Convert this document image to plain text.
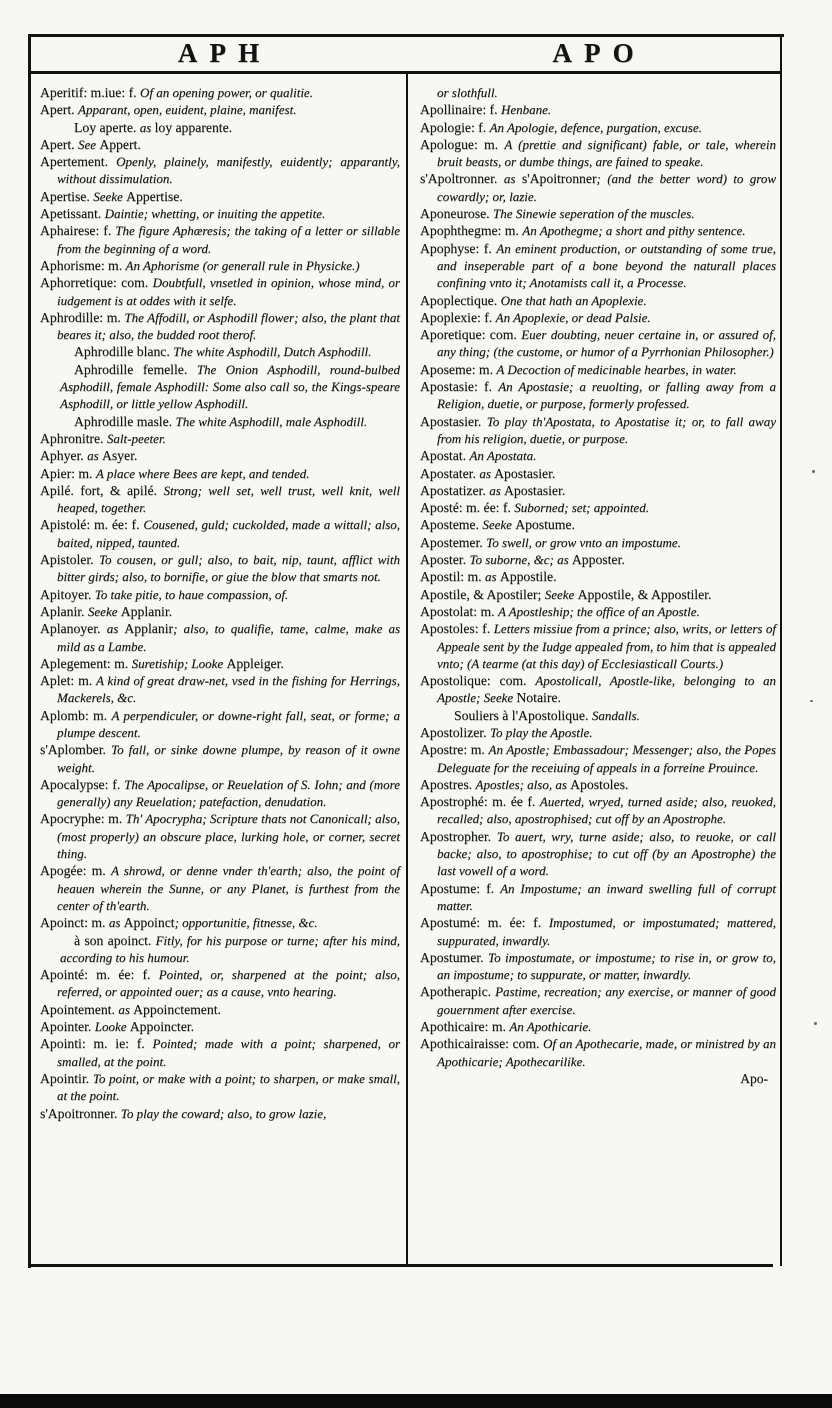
APH	APO

Aperitif: m.iue: f. Of an opening power, or qualitie.

Apert. Apparant, open, euident, plaine, manifest.

Loy aperte. as loy apparente.

Apert. See Appert.

Apertement. Openly, plainely, manifestly, euidently; apparantly, without dissimulation.

Apertise. Seeke Appertise.

Apetissant. Daintie; whetting, or inuiting the appetite.

Aphairese: f. The figure Aphæresis; the taking of a letter or sillable from the beginning of a word.

Aphorisme: m. An Aphorisme (or generall rule in Physicke.)

Aphorretique: com. Doubtfull, vnsetled in opinion, whose mind, or iudgement is at oddes with it selfe.

Aphrodille: m. The Affodill, or Asphodill flower; also, the plant that beares it; also, the budded root therof.

Aphrodille blanc. The white Asphodill, Dutch Asphodill.

Aphrodille femelle. The Onion Asphodill, round-bulbed Asphodill, female Asphodill: Some also call so, the Kings-speare Asphodill, or little yellow Asphodill.

Aphrodille masle. The white Asphodill, male Asphodill.

Aphronitre. Salt-peeter.

Aphyer. as Asyer.

Apier: m. A place where Bees are kept, and tended.

Apilé. fort, & apilé. Strong; well set, well trust, well knit, well heaped, together.

Apistolé: m. ée: f. Cousened, guld; cuckolded, made a wittall; also, baited, nipped, taunted.

Apistoler. To cousen, or gull; also, to bait, nip, taunt, afflict with bitter girds; also, to bornifie, or giue the blow that smarts not.

Apitoyer. To take pitie, to haue compassion, of.

Aplanir. Seeke Applanir.

Aplanoyer. as Applanir; also, to qualifie, tame, calme, make as mild as a Lambe.

Aplegement: m. Suretiship; Looke Appleiger.

Aplet: m. A kind of great draw-net, vsed in the fishing for Herrings, Mackerels, &c.

Aplomb: m. A perpendiculer, or downe-right fall, seat, or forme; a plumpe descent.

s'Aplomber. To fall, or sinke downe plumpe, by reason of it owne weight.

Apocalypse: f. The Apocalipse, or Reuelation of S. Iohn; and (more generally) any Reuelation; patefaction, denudation.

Apocryphe: m. Th' Apocrypha; Scripture thats not Canonicall; also, (most properly) an obscure place, lurking hole, or corner, secret thing.

Apogée: m. A shrowd, or denne vnder th'earth; also, the point of heauen wherein the Sunne, or any Planet, is furthest from the center of th'earth.

Apoinct: m. as Appoinct; opportunitie, fitnesse, &c.

à son apoinct. Fitly, for his purpose or turne; after his mind, according to his humour.

Apointé: m. ée: f. Pointed, or, sharpened at the point; also, referred, or appointed ouer; as a cause, vnto hearing.

Apointement. as Appoinctement.

Apointer. Looke Appoincter.

Apointi: m. ie: f. Pointed; made with a point; sharpened, or smalled, at the point.

Apointir. To point, or make with a point; to sharpen, or make small, at the point.

s'Apoitronner. To play the coward; also, to grow lazie,

or slothfull.

Apollinaire: f. Henbane.

Apologie: f. An Apologie, defence, purgation, excuse.

Apologue: m. A (prettie and significant) fable, or tale, wherein bruit beasts, or dumbe things, are fained to speake.

s'Apoltronner. as s'Apoitronner; (and the better word) to grow cowardly; or, lazie.

Aponeurose. The Sinewie seperation of the muscles.

Apophthegme: m. An Apothegme; a short and pithy sentence.

Apophyse: f. An eminent production, or outstanding of some true, and inseperable part of a bone beyond the naturall places confining vnto it; Anotamists call it, a Processe.

Apoplectique. One that hath an Apoplexie.

Apoplexie: f. An Apoplexie, or dead Palsie.

Aporetique: com. Euer doubting, neuer certaine in, or assured of, any thing; (the custome, or humor of a Pyrrhonian Philosopher.)

Aposeme: m. A Decoction of medicinable hearbes, in water.

Apostasie: f. An Apostasie; a reuolting, or falling away from a Religion, duetie, or purpose, formerly professed.

Apostasier. To play th'Apostata, to Apostatise it; or, to fall away from his religion, duetie, or purpose.

Apostat. An Apostata.

Apostater. as Apostasier.

Apostatizer. as Apostasier.

Aposté: m. ée: f. Suborned; set; appointed.

Aposteme. Seeke Apostume.

Apostemer. To swell, or grow vnto an impostume.

Aposter. To suborne, &c; as Apposter.

Apostil: m. as Appostile.

Apostile, & Apostiler; Seeke Appostile, & Appostiler.

Apostolat: m. A Apostleship; the office of an Apostle.

Apostoles: f. Letters missiue from a prince; also, writs, or letters of Appeale sent by the Iudge appealed from, to him that is appealed vnto; (A tearme (at this day) of Ecclesiasticall Courts.)

Apostolique: com. Apostolicall, Apostle-like, belonging to an Apostle; Seeke Notaire.

Souliers à l'Apostolique. Sandalls.

Apostolizer. To play the Apostle.

Apostre: m. An Apostle; Embassadour; Messenger; also, the Popes Deleguate for the receiuing of appeals in a forreine Prouince.

Apostres. Apostles; also, as Apostoles.

Apostrophé: m. ée f. Auerted, wryed, turned aside; also, reuoked, recalled; also, apostrophised; cut off by an Apostrophe.

Apostropher. To auert, wry, turne aside; also, to reuoke, or call backe; also, to apostrophise; to cut off (by an Apostrophe) the last vowell of a word.

Apostume: f. An Impostume; an inward swelling full of corrupt matter.

Apostumé: m. ée: f. Impostumed, or impostumated; mattered, suppurated, inwardly.

Apostumer. To impostumate, or impostume; to rise in, or grow to, an impostume; to suppurate, or matter, inwardly.

Apotherapic. Pastime, recreation; any exercise, or manner of good gouernment after exercise.

Apothicaire: m. An Apothicarie.

Apothicairaisse: com. Of an Apothecarie, made, or ministred by an Apothicarie; Apothecarilike.

Apo-
